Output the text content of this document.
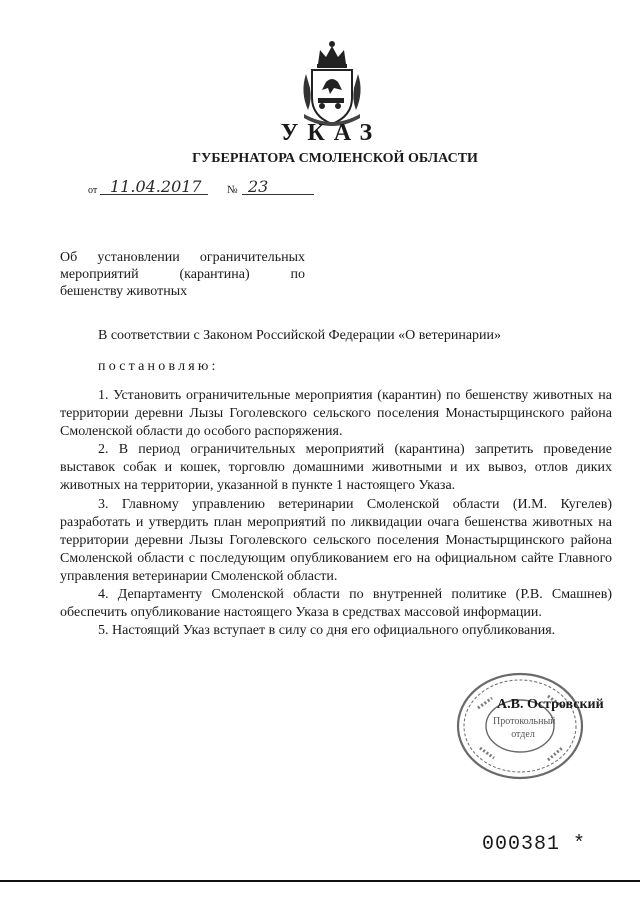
УКАЗ
ГУБЕРНАТОРА СМОЛЕНСКОЙ ОБЛАСТИ
от 11.04.2017 № 23
Об установлении ограничительных
мероприятий (карантина) по
бешенству животных
В соответствии с Законом Российской Федерации «О ветеринарии»
постановляю:

1. Установить ограничительные мероприятия (карантин) по бешенству животных на территории деревни Лызы Гоголевского сельского поселения Монастырщинского района Смоленской области до особого распоряжения.

2. В период ограничительных мероприятий (карантина) запретить проведение выставок собак и кошек, торговлю домашними животными и их вывоз, отлов диких животных на территории, указанной в пункте 1 настоящего Указа.

3. Главному управлению ветеринарии Смоленской области (И.М. Кугелев) разработать и утвердить план мероприятий по ликвидации очага бешенства животных на территории деревни Лызы Гоголевского сельского поселения Монастырщинского района Смоленской области с последующим опубликованием его на официальном сайте Главного управления ветеринарии Смоленской области.

4. Департаменту Смоленской области по внутренней политике (Р.В. Смашнев) обеспечить опубликование настоящего Указа в средствах массовой информации.

5. Настоящий Указ вступает в силу со дня его официального опубликования.

Протокольный
отдел
А.В. Островский
000381 *
